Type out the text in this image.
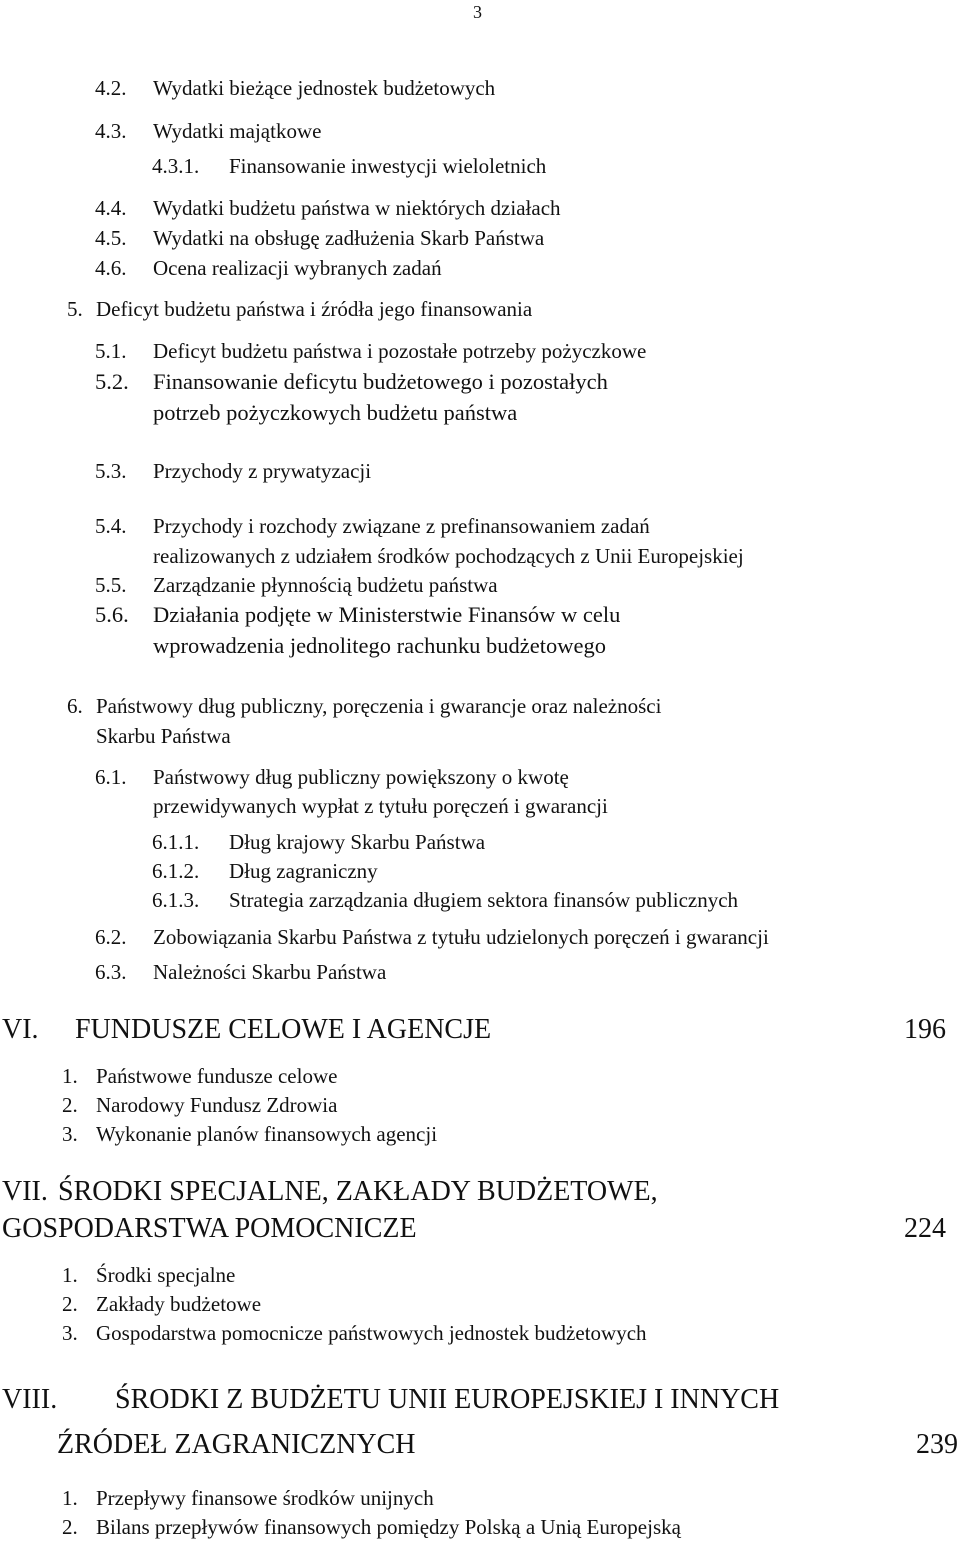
3
4.2. Wydatki bieżące jednostek budżetowych
4.3. Wydatki majątkowe
4.3.1. Finansowanie inwestycji wieloletnich
4.4. Wydatki budżetu państwa w niektórych działach
4.5. Wydatki na obsługę zadłużenia Skarb Państwa
4.6. Ocena realizacji wybranych zadań
5. Deficyt budżetu państwa i źródła jego finansowania
5.1. Deficyt budżetu państwa i pozostałe potrzeby pożyczkowe
5.2. Finansowanie deficytu budżetowego i pozostałych
potrzeb pożyczkowych budżetu państwa
5.3. Przychody z prywatyzacji
5.4. Przychody i rozchody związane z prefinansowaniem zadań
realizowanych z udziałem środków pochodzących z Unii Europejskiej
5.5. Zarządzanie płynnością budżetu państwa
5.6. Działania podjęte w Ministerstwie Finansów w celu
wprowadzenia jednolitego rachunku budżetowego
6. Państwowy dług publiczny, poręczenia i gwarancje oraz należności
Skarbu Państwa
6.1. Państwowy dług publiczny powiększony o kwotę
przewidywanych wypłat z tytułu poręczeń i gwarancji
6.1.1. Dług krajowy Skarbu Państwa
6.1.2. Dług zagraniczny
6.1.3. Strategia zarządzania długiem sektora finansów publicznych
6.2. Zobowiązania Skarbu Państwa z tytułu udzielonych poręczeń i gwarancji
6.3. Należności Skarbu Państwa
VI. FUNDUSZE CELOWE I AGENCJE	196
1. Państwowe fundusze celowe
2. Narodowy Fundusz Zdrowia
3. Wykonanie planów finansowych agencji
VII. ŚRODKI SPECJALNE, ZAKŁADY BUDŻETOWE,
GOSPODARSTWA POMOCNICZE	224
1. Środki specjalne
2. Zakłady budżetowe
3. Gospodarstwa pomocnicze państwowych jednostek budżetowych
VIII. ŚRODKI Z BUDŻETU UNII EUROPEJSKIEJ I INNYCH
ŹRÓDEŁ ZAGRANICZNYCH	239
1. Przepływy finansowe środków unijnych
2. Bilans przepływów finansowych pomiędzy Polską a Unią Europejską
